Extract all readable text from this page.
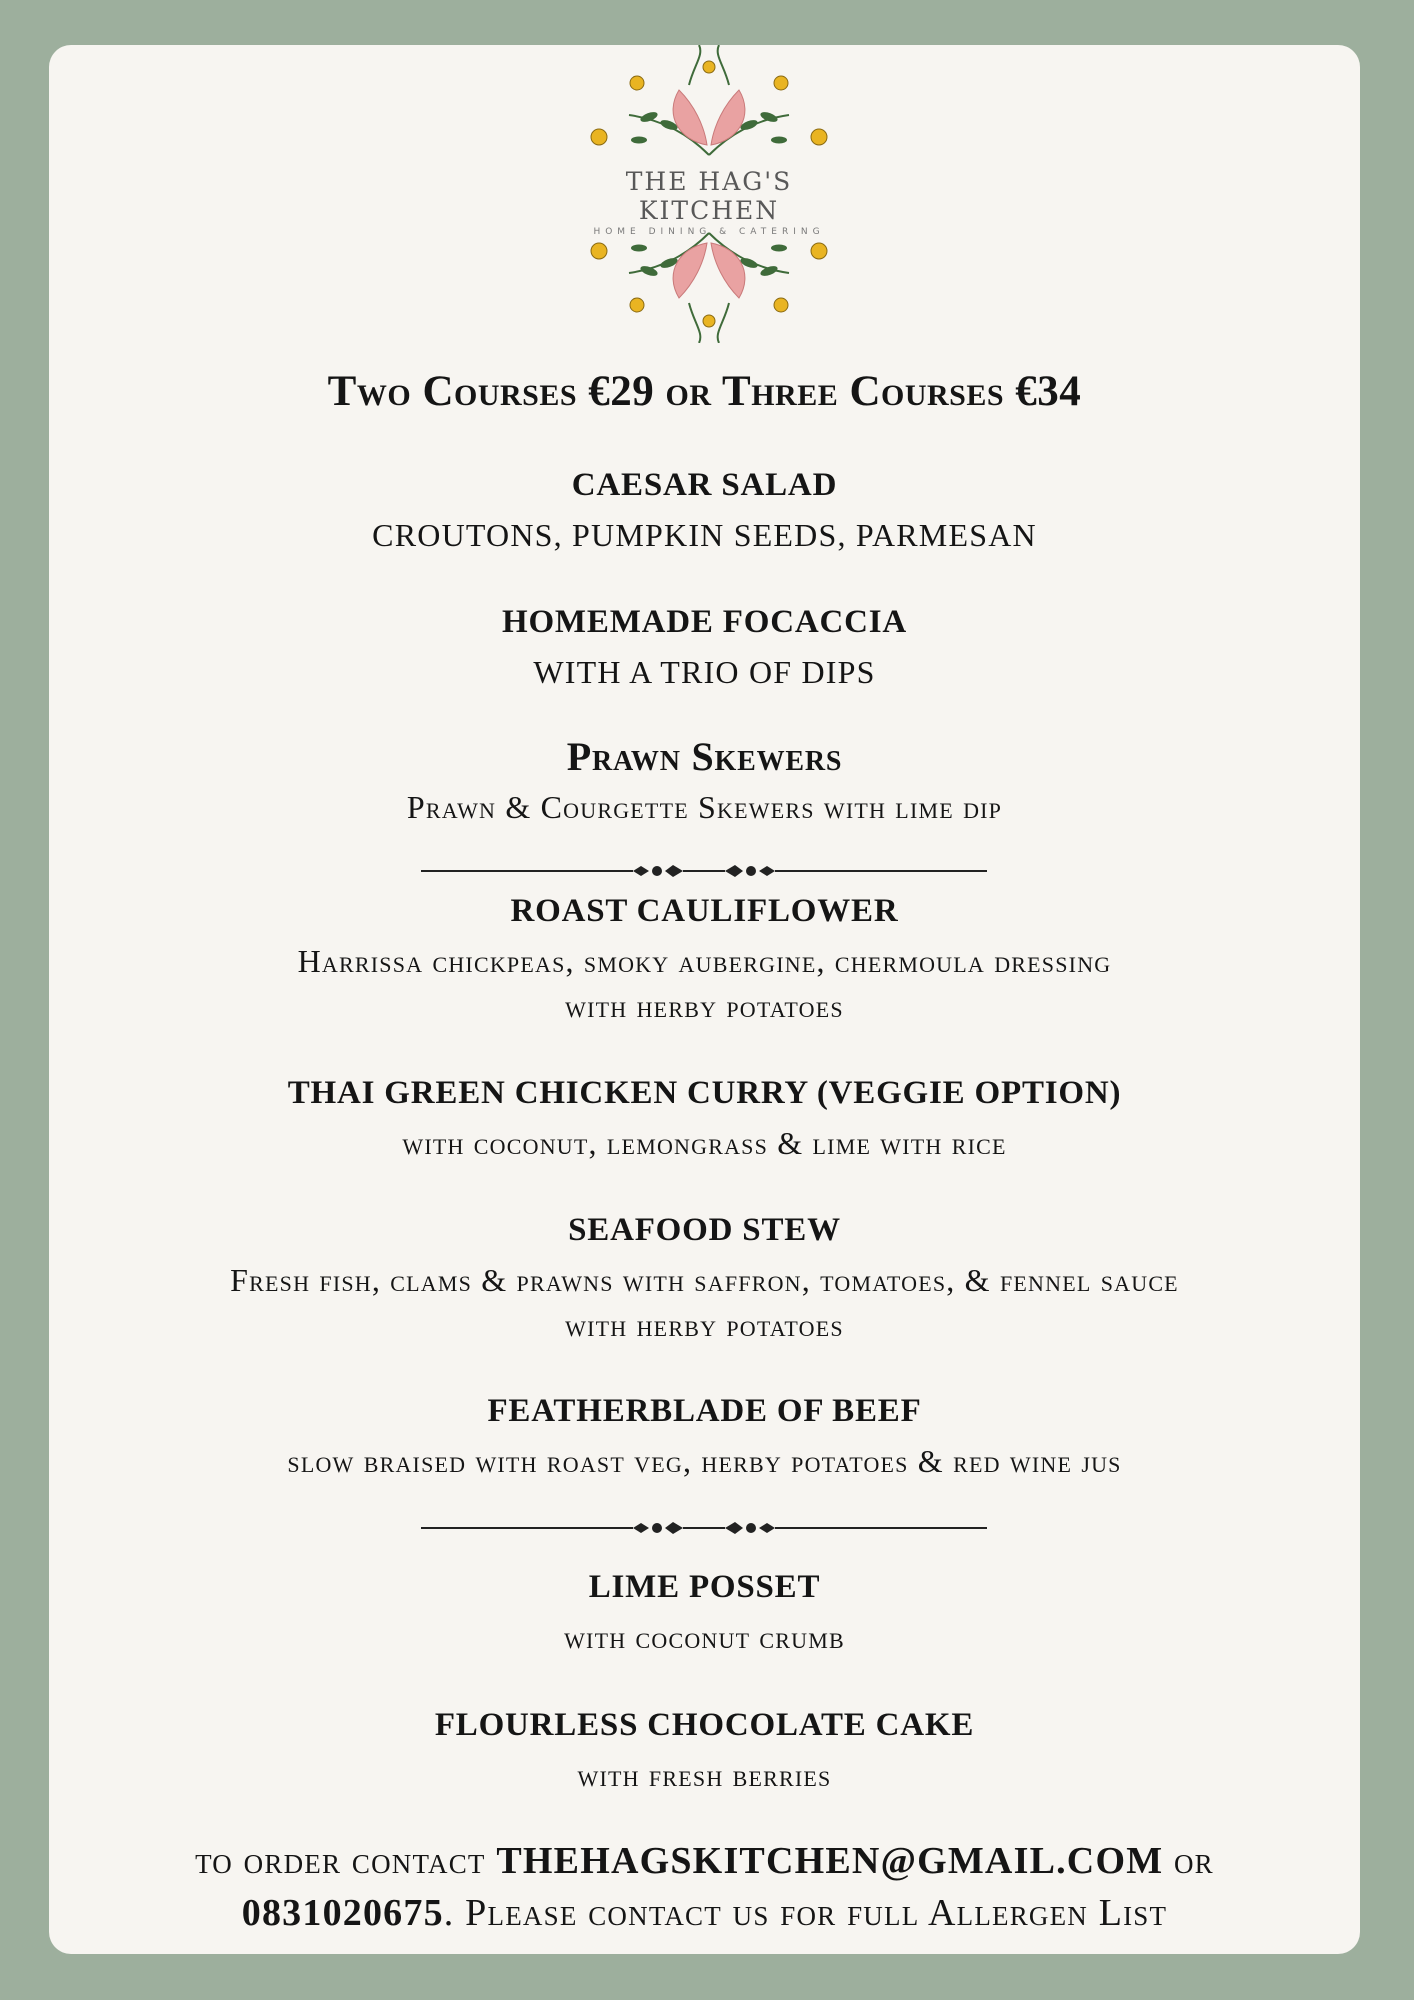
THE HAG'S KITCHEN
HOME DINING & CATERING
Two Courses €29 or Three Courses €34
CAESAR SALAD
CROUTONS, PUMPKIN SEEDS, PARMESAN
HOMEMADE FOCACCIA
WITH A TRIO OF DIPS
Prawn Skewers
Prawn & Courgette Skewers with lime dip
ROAST CAULIFLOWER
Harrissa chickpeas, smoky aubergine, chermoula dressing
with herby potatoes
THAI GREEN CHICKEN CURRY (VEGGIE OPTION)
with coconut, lemongrass & lime with rice
SEAFOOD STEW
Fresh fish, clams & prawns with saffron, tomatoes, & fennel sauce
with herby potatoes
FEATHERBLADE OF BEEF
slow braised with roast veg, herby potatoes & red wine jus
LIME POSSET
with coconut crumb
FLOURLESS CHOCOLATE CAKE
with fresh berries
to order contact THEHAGSKITCHEN@GMAIL.COM or
0831020675. Please contact us for full Allergen List
